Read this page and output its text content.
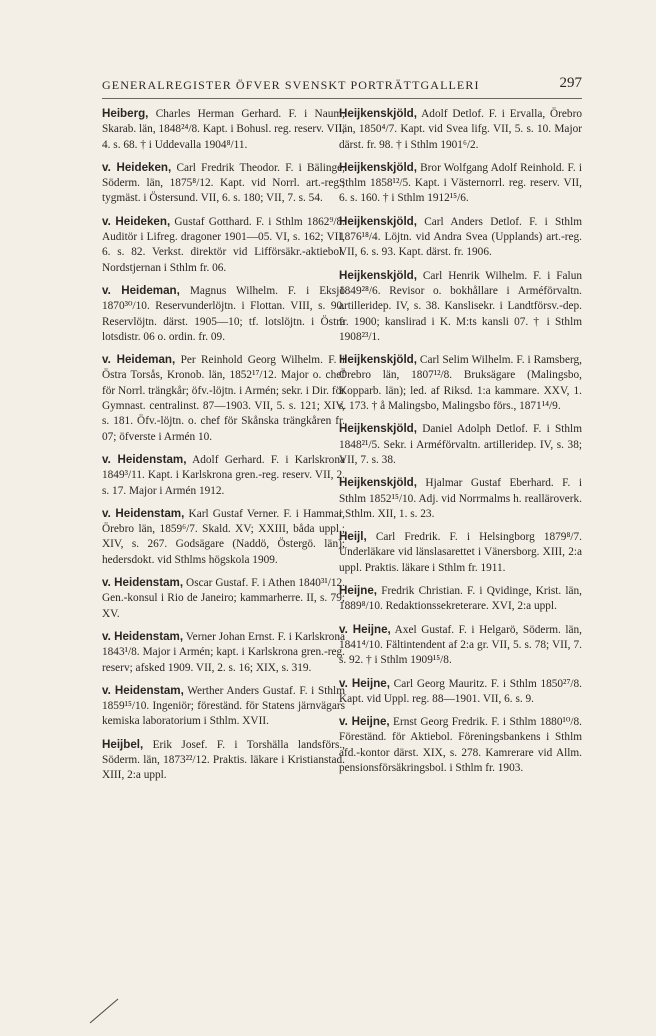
GENERALREGISTER ÖFVER SVENSKT PORTRÄTTGALLERI	297

Heiberg, Charles Herman Gerhard. F. i Naum, Skarab. län, 1848²⁴/8. Kapt. i Bohusl. reg. reserv. VII, 4. s. 68. † i Uddevalla 1904⁸/11.

v. Heideken, Carl Fredrik Theodor. F. i Bälinge, Söderm. län, 1875⁸/12. Kapt. vid Norrl. art.-reg.; tygmäst. i Östersund. VII, 6. s. 180; VII, 7. s. 54.

v. Heideken, Gustaf Gotthard. F. i Sthlm 1862⁹/8. Auditör i Lifreg. dragoner 1901—05. VI, s. 162; VII, 6. s. 82. Verkst. direktör vid Lifförsäkr.-aktiebol. Nordstjernan i Sthlm fr. 06.

v. Heideman, Magnus Wilhelm. F. i Eksjö 1870³⁰/10. Reservunderlöjtn. i Flottan. VIII, s. 90. Reservlöjtn. därst. 1905—10; tf. lotslöjtn. i Östra lotsdistr. 06 o. ordin. fr. 09.

v. Heideman, Per Reinhold Georg Wilhelm. F. i Östra Torsås, Kronob. län, 1852¹⁷/12. Major o. chef för Norrl. trängkår; öfv.-löjtn. i Armén; sekr. i Dir. för Gymnast. centralinst. 87—1903. VII, 5. s. 121; XIV, s. 181. Öfv.-löjtn. o. chef för Skånska trängkåren fr. 07; öfverste i Armén 10.

v. Heidenstam, Adolf Gerhard. F. i Karlskrona 1849³/11. Kapt. i Karlskrona gren.-reg. reserv. VII, 2. s. 17. Major i Armén 1912.

v. Heidenstam, Karl Gustaf Verner. F. i Hammar, Örebro län, 1859⁶/7. Skald. XV; XXIII, båda uppl.; XIV, s. 267. Godsägare (Naddö, Östergö. län); hedersdokt. vid Sthlms högskola 1909.

v. Heidenstam, Oscar Gustaf. F. i Athen 1840³¹/12. Gen.-konsul i Rio de Janeiro; kammarherre. II, s. 79; XV.

v. Heidenstam, Verner Johan Ernst. F. i Karlskrona 1843¹/8. Major i Armén; kapt. i Karlskrona gren.-reg. reserv; afsked 1909. VII, 2. s. 16; XIX, s. 319.

v. Heidenstam, Werther Anders Gustaf. F. i Sthlm 1859¹⁵/10. Ingeniör; föreständ. för Statens järnvägars kemiska laboratorium i Sthlm. XVII.

Heijbel, Erik Josef. F. i Torshälla landsförs., Söderm. län, 1873²²/12. Praktis. läkare i Kristianstad. XIII, 2:a uppl.

Heijkenskjöld, Adolf Detlof. F. i Ervalla, Örebro län, 1850⁴/7. Kapt. vid Svea lifg. VII, 5. s. 10. Major därst. fr. 98. † i Sthlm 1901⁶/2.

Heijkenskjöld, Bror Wolfgang Adolf Reinhold. F. i Sthlm 1858¹²/5. Kapt. i Västernorrl. reg. reserv. VII, 6. s. 160. † i Sthlm 1912¹⁵/6.

Heijkenskjöld, Carl Anders Detlof. F. i Sthlm 1876¹⁸/4. Löjtn. vid Andra Svea (Upplands) art.-reg. VII, 6. s. 93. Kapt. därst. fr. 1906.

Heijkenskjöld, Carl Henrik Wilhelm. F. i Falun 1849²⁸/6. Revisor o. bokhållare i Arméförvaltn. artilleridep. IV, s. 38. Kanslisekr. i Landtförsv.-dep. fr. 1900; kanslirad i K. M:ts kansli 07. † i Sthlm 1908²³/1.

Heijkenskjöld, Carl Selim Wilhelm. F. i Ramsberg, Örebro län, 1807¹²/8. Bruksägare (Malingsbo, Kopparb. län); led. af Riksd. 1:a kammare. XXV, 1. s. 173. † å Malingsbo, Malingsbo förs., 1871¹⁴/9.

Heijkenskjöld, Daniel Adolph Detlof. F. i Sthlm 1848²¹/5. Sekr. i Arméförvaltn. artilleridep. IV, s. 38; VII, 7. s. 38.

Heijkenskjöld, Hjalmar Gustaf Eberhard. F. i Sthlm 1852¹⁵/10. Adj. vid Norrmalms h. realläroverk. i Sthlm. XII, 1. s. 23.

Heijl, Carl Fredrik. F. i Helsingborg 1879⁸/7. Underläkare vid länslasarettet i Vänersborg. XIII, 2:a uppl. Praktis. läkare i Sthlm fr. 1911.

Heijne, Fredrik Christian. F. i Qvidinge, Krist. län, 1889⁸/10. Redaktionssekreterare. XVI, 2:a uppl.

v. Heijne, Axel Gustaf. F. i Helgarö, Söderm. län, 1841⁴/10. Fältintendent af 2:a gr. VII, 5. s. 78; VII, 7. s. 92. † i Sthlm 1909¹⁵/8.

v. Heijne, Carl Georg Mauritz. F. i Sthlm 1850²⁷/8. Kapt. vid Uppl. reg. 88—1901. VII, 6. s. 9.

v. Heijne, Ernst Georg Fredrik. F. i Sthlm 1880¹⁰/8. Föreständ. för Aktiebol. Föreningsbankens i Sthlm afd.-kontor därst. XIX, s. 278. Kamrerare vid Allm. pensionsförsäkringsbol. i Sthlm fr. 1903.
